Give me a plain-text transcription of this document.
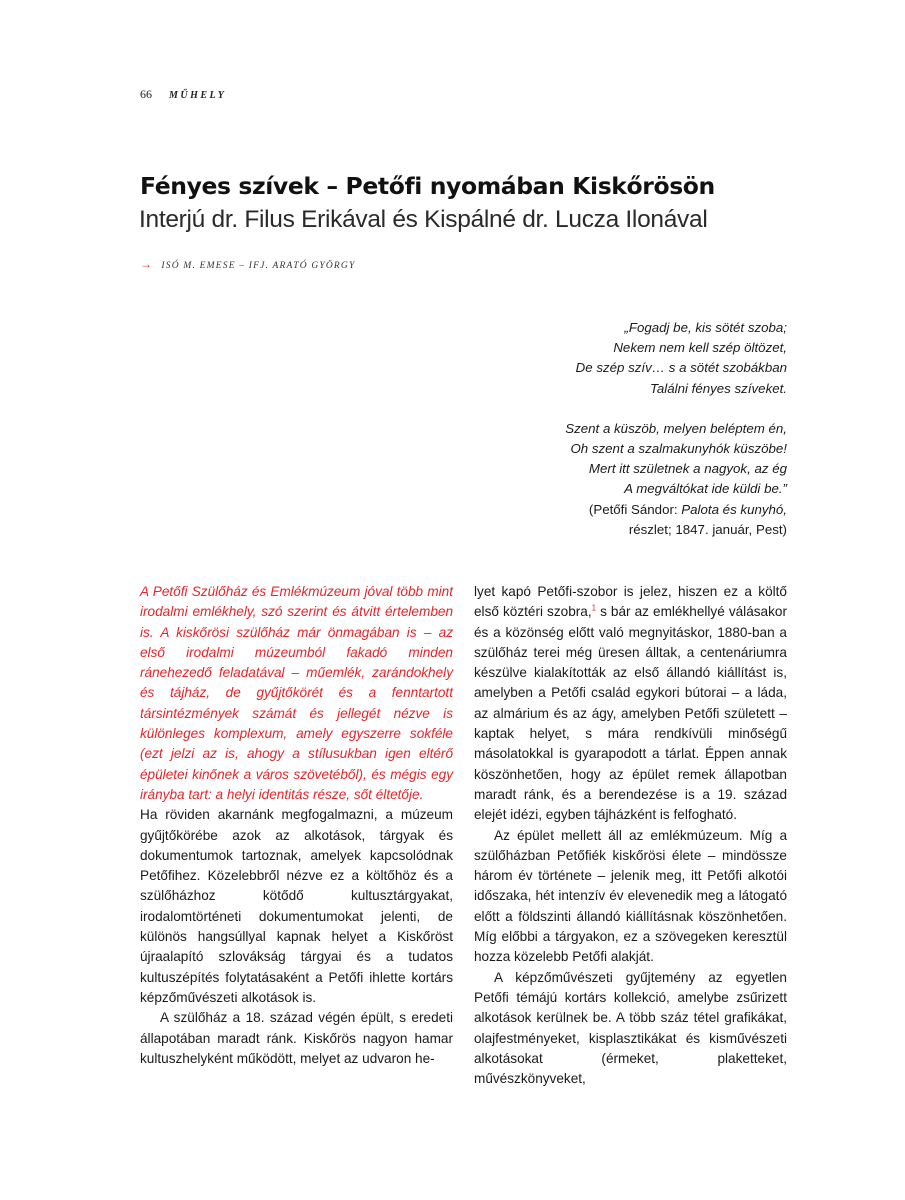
66 MŰHELY
Fényes szívek – Petőfi nyomában Kiskőrösön
Interjú dr. Filus Erikával és Kispálné dr. Lucza Ilonával
→ ISÓ M. EMESE – IFJ. ARATÓ GYÖRGY
„Fogadj be, kis sötét szoba;
Nekem nem kell szép öltözet,
De szép szív… s a sötét szobákban
Találni fényes szíveket.
Szent a küszöb, melyen beléptem én,
Oh szent a szalmakunyhók küszöbe!
Mert itt születnek a nagyok, az ég
A megváltókat ide küldi be.”
(Petőfi Sándor: Palota és kunyhó,
részlet; 1847. január, Pest)

A Petőfi Szülőház és Emlékmúzeum jóval több mint irodalmi emlékhely, szó szerint és átvitt értelemben is. A kiskőrösi szülőház már önmagában is – az első irodalmi múzeumból fakadó minden ránehezedő feladatával – műemlék, zarándokhely és tájház, de gyűjtőkörét és a fenntartott társintézmények számát és jellegét nézve is különleges komplexum, amely egyszerre sokféle (ezt jelzi az is, ahogy a stílusukban igen eltérő épületei kinőnek a város szövetéből), és mégis egy irányba tart: a helyi identitás része, sőt éltetője.

Ha röviden akarnánk megfogalmazni, a múzeum gyűjtőkörébe azok az alkotások, tárgyak és dokumentumok tartoznak, amelyek kapcsolódnak Petőfihez. Közelebbről nézve ez a költőhöz és a szülőházhoz kötődő kultusztárgyakat, irodalomtörténeti dokumentumokat jelenti, de különös hangsúllyal kapnak helyet a Kiskőröst újraalapító szlovákság tárgyai és a tudatos kultuszépítés folytatásaként a Petőfi ihlette kortárs képzőművészeti alkotások is.

A szülőház a 18. század végén épült, s eredeti állapotában maradt ránk. Kiskőrös nagyon hamar kultuszhelyként működött, melyet az udvaron he-

lyet kapó Petőfi-szobor is jelez, hiszen ez a költő első köztéri szobra,$^1$ s bár az emlékhellyé válásakor és a közönség előtt való megnyitáskor, 1880-ban a szülőház terei még üresen álltak, a centenáriumra készülve kialakították az első állandó kiállítást is, amelyben a Petőfi család egykori bútorai – a láda, az almárium és az ágy, amelyben Petőfi született – kaptak helyet, s mára rendkívüli minőségű másolatokkal is gyarapodott a tárlat. Éppen annak köszönhetően, hogy az épület remek állapotban maradt ránk, és a berendezése is a 19. század elejét idézi, egyben tájházként is felfogható.

Az épület mellett áll az emlékmúzeum. Míg a szülőházban Petőfiék kiskőrösi élete – mindössze három év története – jelenik meg, itt Petőfi alkotói időszaka, hét intenzív év elevenedik meg a látogató előtt a földszinti állandó kiállításnak köszönhetően. Míg előbbi a tárgyakon, ez a szövegeken keresztül hozza közelebb Petőfi alakját.

A képzőművészeti gyűjtemény az egyetlen Petőfi témájú kortárs kollekció, amelybe zsűrizett alkotások kerülnek be. A több száz tétel grafikákat, olajfestményeket, kisplasztikákat és kisművészeti alkotásokat (érmeket, plaketteket, művészkönyveket,
